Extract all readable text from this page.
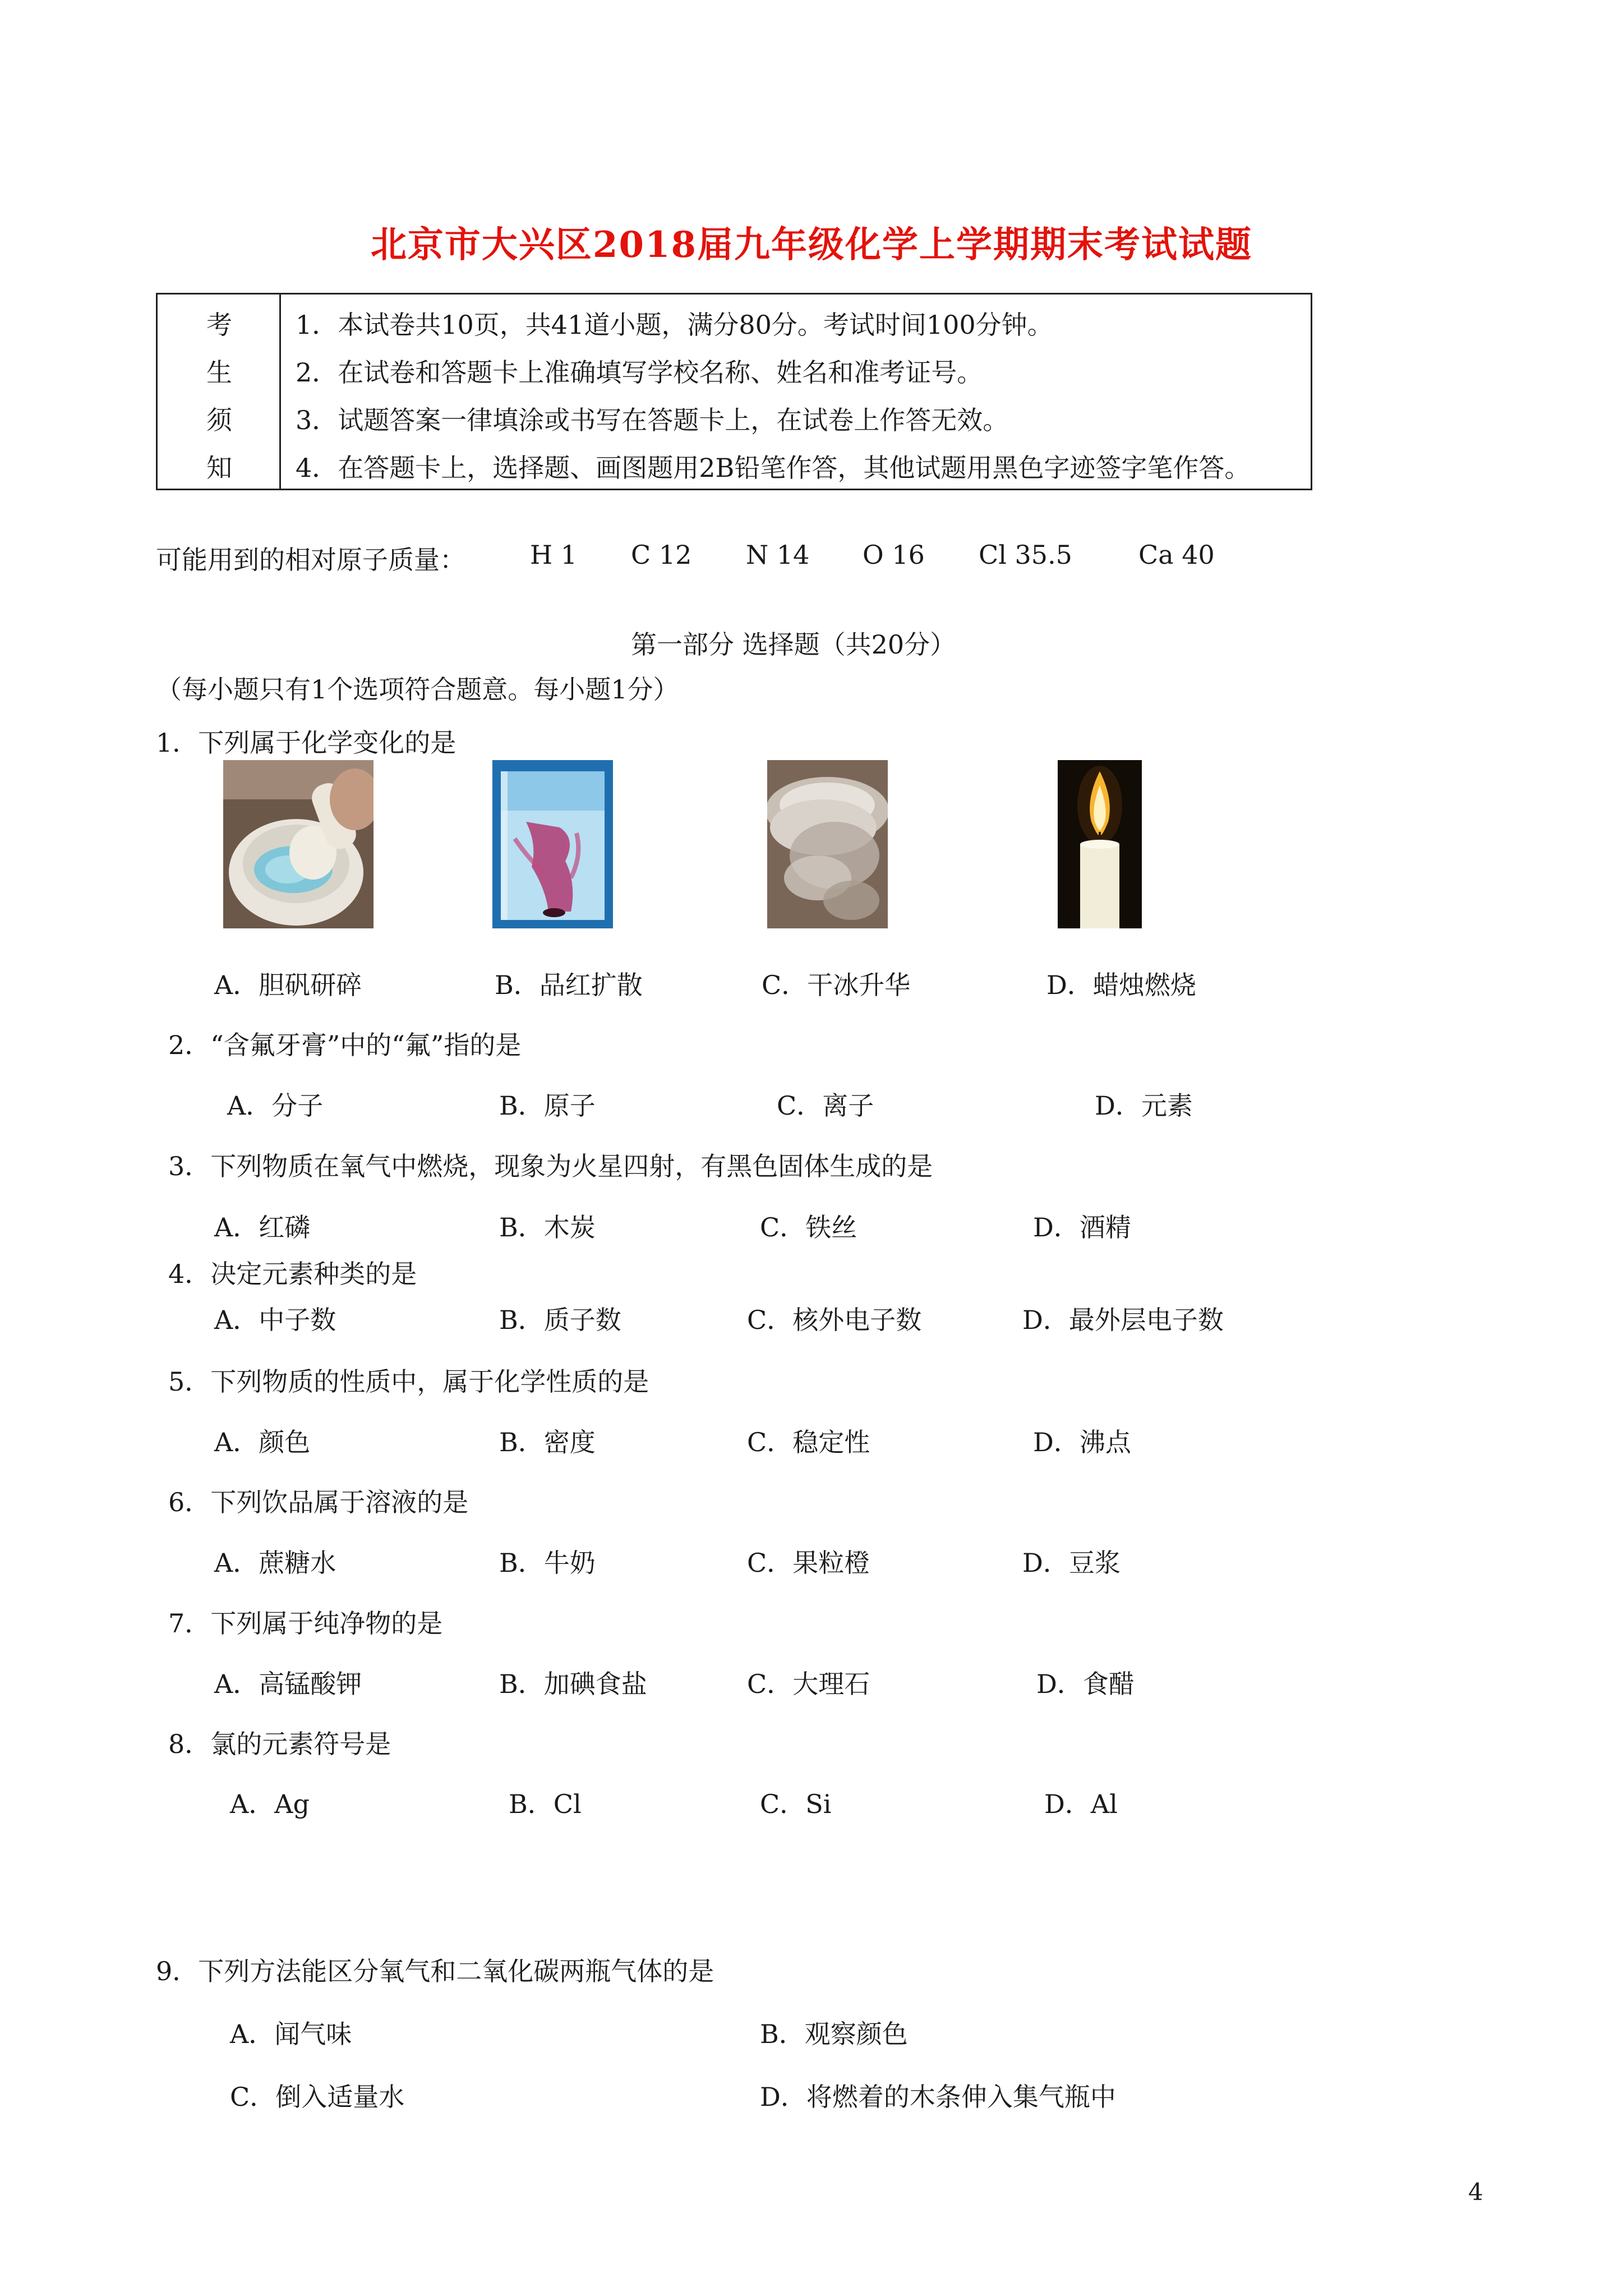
北京市大兴区2018届九年级化学上学期期末考试试题
考
生
须
知
1．本试卷共10页，共41道小题，满分80分。考试时间100分钟。
2．在试卷和答题卡上准确填写学校名称、姓名和准考证号。
3．试题答案一律填涂或书写在答题卡上，在试卷上作答无效。
4．在答题卡上，选择题、画图题用2B铅笔作答，其他试题用黑色字迹签字笔作答。
可能用到的相对原子质量：	H 1 C 12 N 14 O 16 Cl 35.5	Ca 40
第一部分 选择题（共20分）
（每小题只有1个选项符合题意。每小题1分）
1．下列属于化学变化的是
A．胆矾研碎	B．品红扩散	C．干冰升华	D．蜡烛燃烧
2．“含氟牙膏”中的“氟”指的是
A．分子	B．原子	C．离子	D．元素
3．下列物质在氧气中燃烧，现象为火星四射，有黑色固体生成的是
A．红磷	B．木炭	C．铁丝	D．酒精
4．决定元素种类的是
A．中子数	B．质子数	C．核外电子数	D．最外层电子数
5．下列物质的性质中，属于化学性质的是
A．颜色	B．密度	C．稳定性	D．沸点
6．下列饮品属于溶液的是
A．蔗糖水	B．牛奶	C．果粒橙	D．豆浆
7．下列属于纯净物的是
A．高锰酸钾	B．加碘食盐	C．大理石	D．食醋
8．氯的元素符号是
A．Ag	B．Cl	C．Si	D．Al
9．下列方法能区分氧气和二氧化碳两瓶气体的是
A．闻气味	B．观察颜色
C．倒入适量水	D．将燃着的木条伸入集气瓶中
4
